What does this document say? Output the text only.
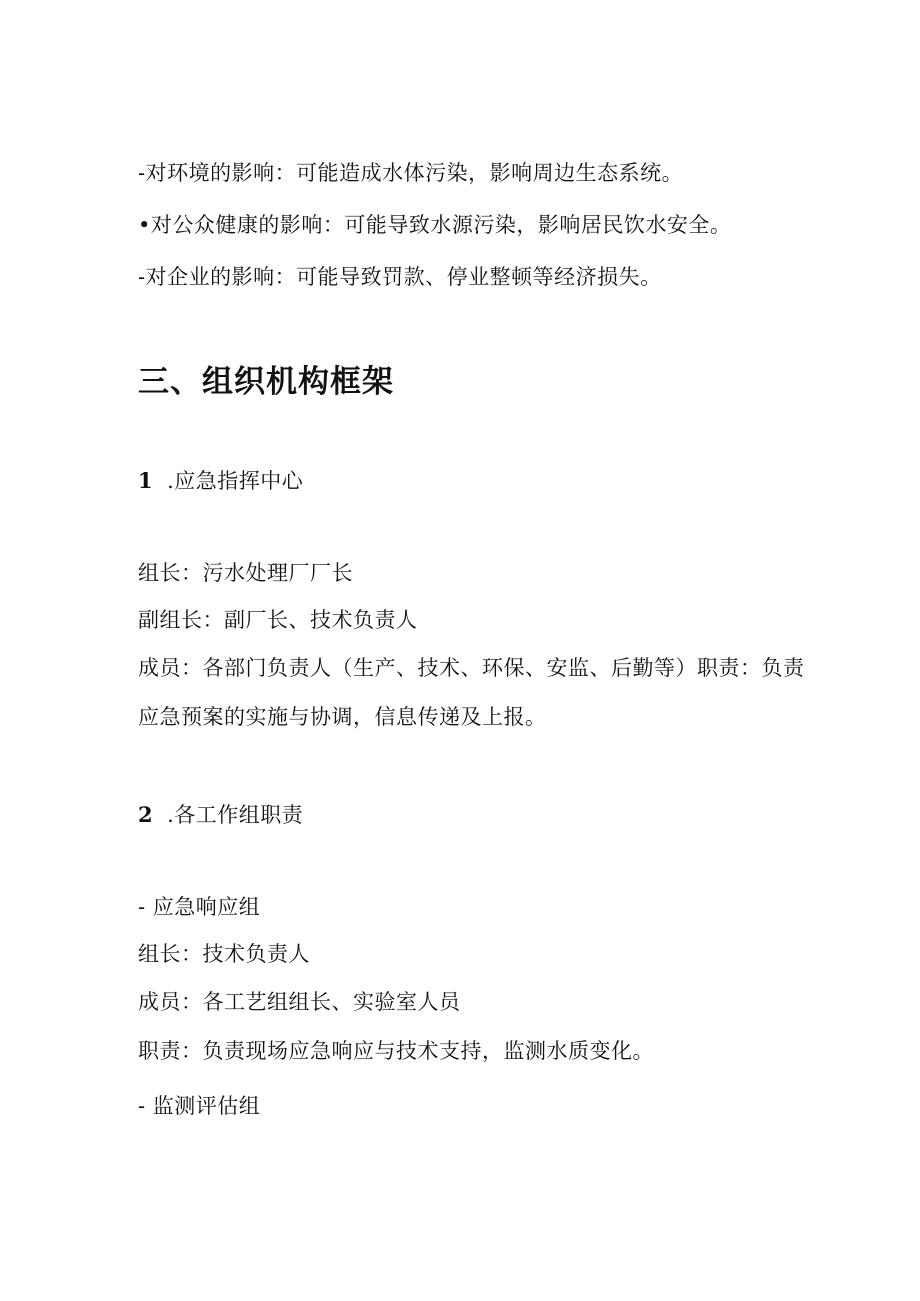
-对环境的影响：可能造成水体污染，影响周边生态系统。
•对公众健康的影响：可能导致水源污染，影响居民饮水安全。
-对企业的影响：可能导致罚款、停业整顿等经济损失。
三、组织机构框架
1 .应急指挥中心
组长：污水处理厂厂长
副组长：副厂长、技术负责人
成员：各部门负责人（生产、技术、环保、安监、后勤等）职责：负责
应急预案的实施与协调，信息传递及上报。
2 .各工作组职责
- 应急响应组
组长：技术负责人
成员：各工艺组组长、实验室人员
职责：负责现场应急响应与技术支持，监测水质变化。
- 监测评估组
